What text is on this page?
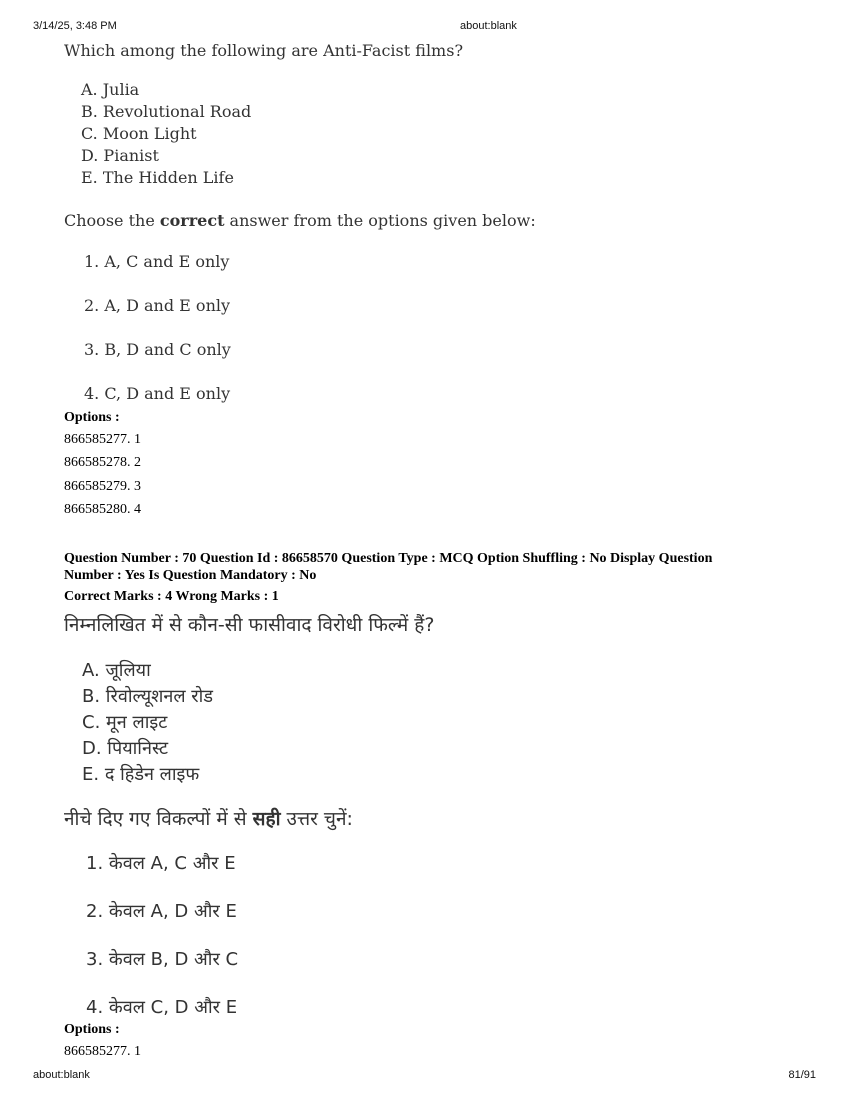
3/14/25, 3:48 PM	about:blank
Which among the following are Anti-Facist films?
A. Julia
B. Revolutional Road
C. Moon Light
D. Pianist
E. The Hidden Life
Choose the correct answer from the options given below:
1. A, C and E only
2. A, D and E only
3. B, D and C only
4. C, D and E only
Options :
866585277. 1
866585278. 2
866585279. 3
866585280. 4
Question Number : 70 Question Id : 86658570 Question Type : MCQ Option Shuffling : No Display Question
Number : Yes Is Question Mandatory : No
Correct Marks : 4 Wrong Marks : 1
निम्नलिखित में से कौन-सी फासीवाद विरोधी फिल्में हैं?
A. जूलिया
B. रिवोल्यूशनल रोड
C. मून लाइट
D. पियानिस्ट
E. द हिडेन लाइफ
नीचे दिए गए विकल्पों में से सही उत्तर चुनें:
1. केवल A, C और E
2. केवल A, D और E
3. केवल B, D और C
4. केवल C, D और E
Options :
866585277. 1
about:blank	81/91
